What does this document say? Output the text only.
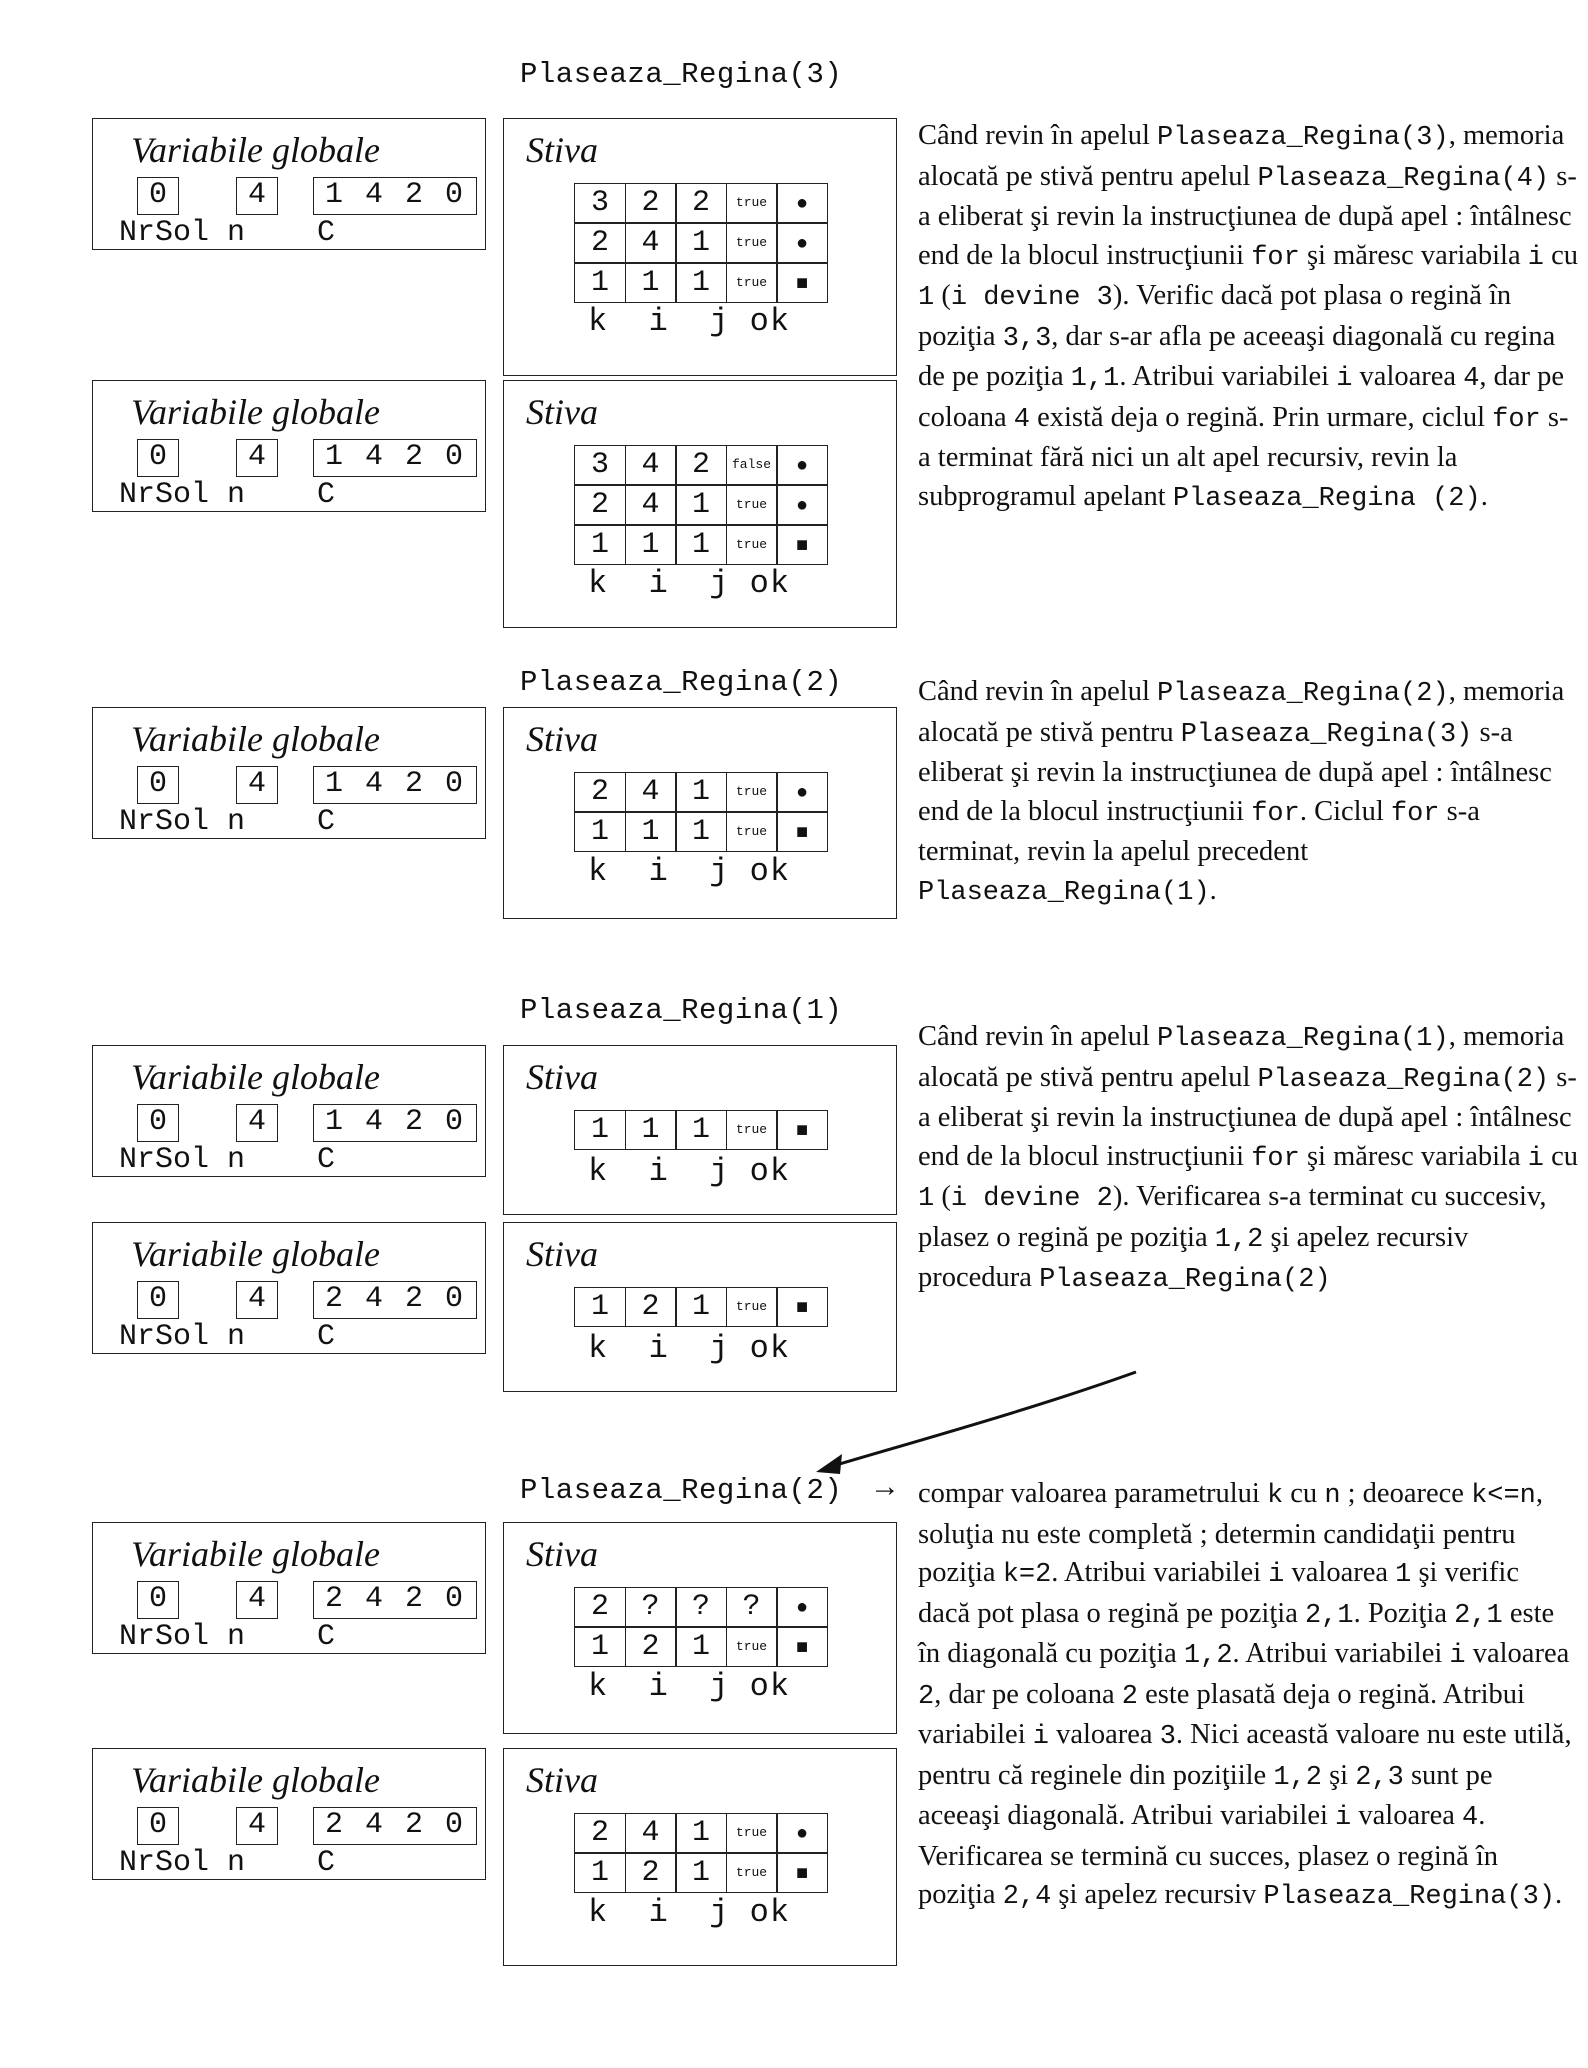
Plaseaza_Regina(3)
Plaseaza_Regina(2)
Plaseaza_Regina(1)
Plaseaza_Regina(2) →
Variabile globale
0	4	1 4 2 0
NrSol n    C
Stiva
3	2	2	true	●
2	4	1	true	●
1	1	1	true	■
k  i  j ok
Variabile globale
0	4	1 4 2 0
NrSol n    C
Stiva
3	4	2	false	●
2	4	1	true	●
1	1	1	true	■
k  i  j ok
Variabile globale
0	4	1 4 2 0
NrSol n    C
Stiva
2	4	1	true	●
1	1	1	true	■
k  i  j ok
Variabile globale
0	4	1 4 2 0
NrSol n    C
Stiva
1	1	1	true	■
k  i  j ok
Variabile globale
0	4	2 4 2 0
NrSol n    C
Stiva
1	2	1	true	■
k  i  j ok
Variabile globale
0	4	2 4 2 0
NrSol n    C
Stiva
2	?	?	?	●
1	2	1	true	■
k  i  j ok
Variabile globale
0	4	2 4 2 0
NrSol n    C
Stiva
2	4	1	true	●
1	2	1	true	■
k  i  j ok

Când revin în apelul Plaseaza_Regina(3), memoria alocată pe stivă pentru apelul Plaseaza_Regina(4) s-a eliberat şi revin la instrucţiunea de după apel : întâlnesc end de la blocul instrucţiunii for şi măresc variabila i cu 1 (i devine 3). Verific dacă pot plasa o regină în poziţia 3,3, dar s-ar afla pe aceeaşi diagonală cu regina de pe poziţia 1,1. Atribui variabilei i valoarea 4, dar pe coloana 4 există deja o regină. Prin urmare, ciclul for s-a terminat fără nici un alt apel recursiv, revin la subprogramul apelant Plaseaza_Regina (2).

Când revin în apelul Plaseaza_Regina(2), memoria alocată pe stivă pentru Plaseaza_Regina(3) s-a eliberat şi revin la instrucţiunea de după apel : întâlnesc end de la blocul instrucţiunii for. Ciclul for s-a terminat, revin la apelul precedent Plaseaza_Regina(1).

Când revin în apelul Plaseaza_Regina(1), memoria alocată pe stivă pentru apelul Plaseaza_Regina(2) s-a eliberat şi revin la instrucţiunea de după apel : întâlnesc end de la blocul instrucţiunii for şi măresc variabila i cu 1 (i devine 2). Verificarea s-a terminat cu succesiv, plasez o regină pe poziţia 1,2 şi apelez recursiv procedura Plaseaza_Regina(2)

compar valoarea parametrului k cu n ; deoarece k<=n, soluţia nu este completă ; determin candidaţii pentru poziţia k=2. Atribui variabilei i valoarea 1 şi verific dacă pot plasa o regină pe poziţia 2,1. Poziţia 2,1 este în diagonală cu poziţia 1,2. Atribui variabilei i valoarea 2, dar pe coloana 2 este plasată deja o regină. Atribui variabilei i valoarea 3. Nici această valoare nu este utilă, pentru că reginele din poziţiile 1,2 şi 2,3 sunt pe aceeaşi diagonală. Atribui variabilei i valoarea 4. Verificarea se termină cu succes, plasez o regină în poziţia 2,4 şi apelez recursiv Plaseaza_Regina(3).
